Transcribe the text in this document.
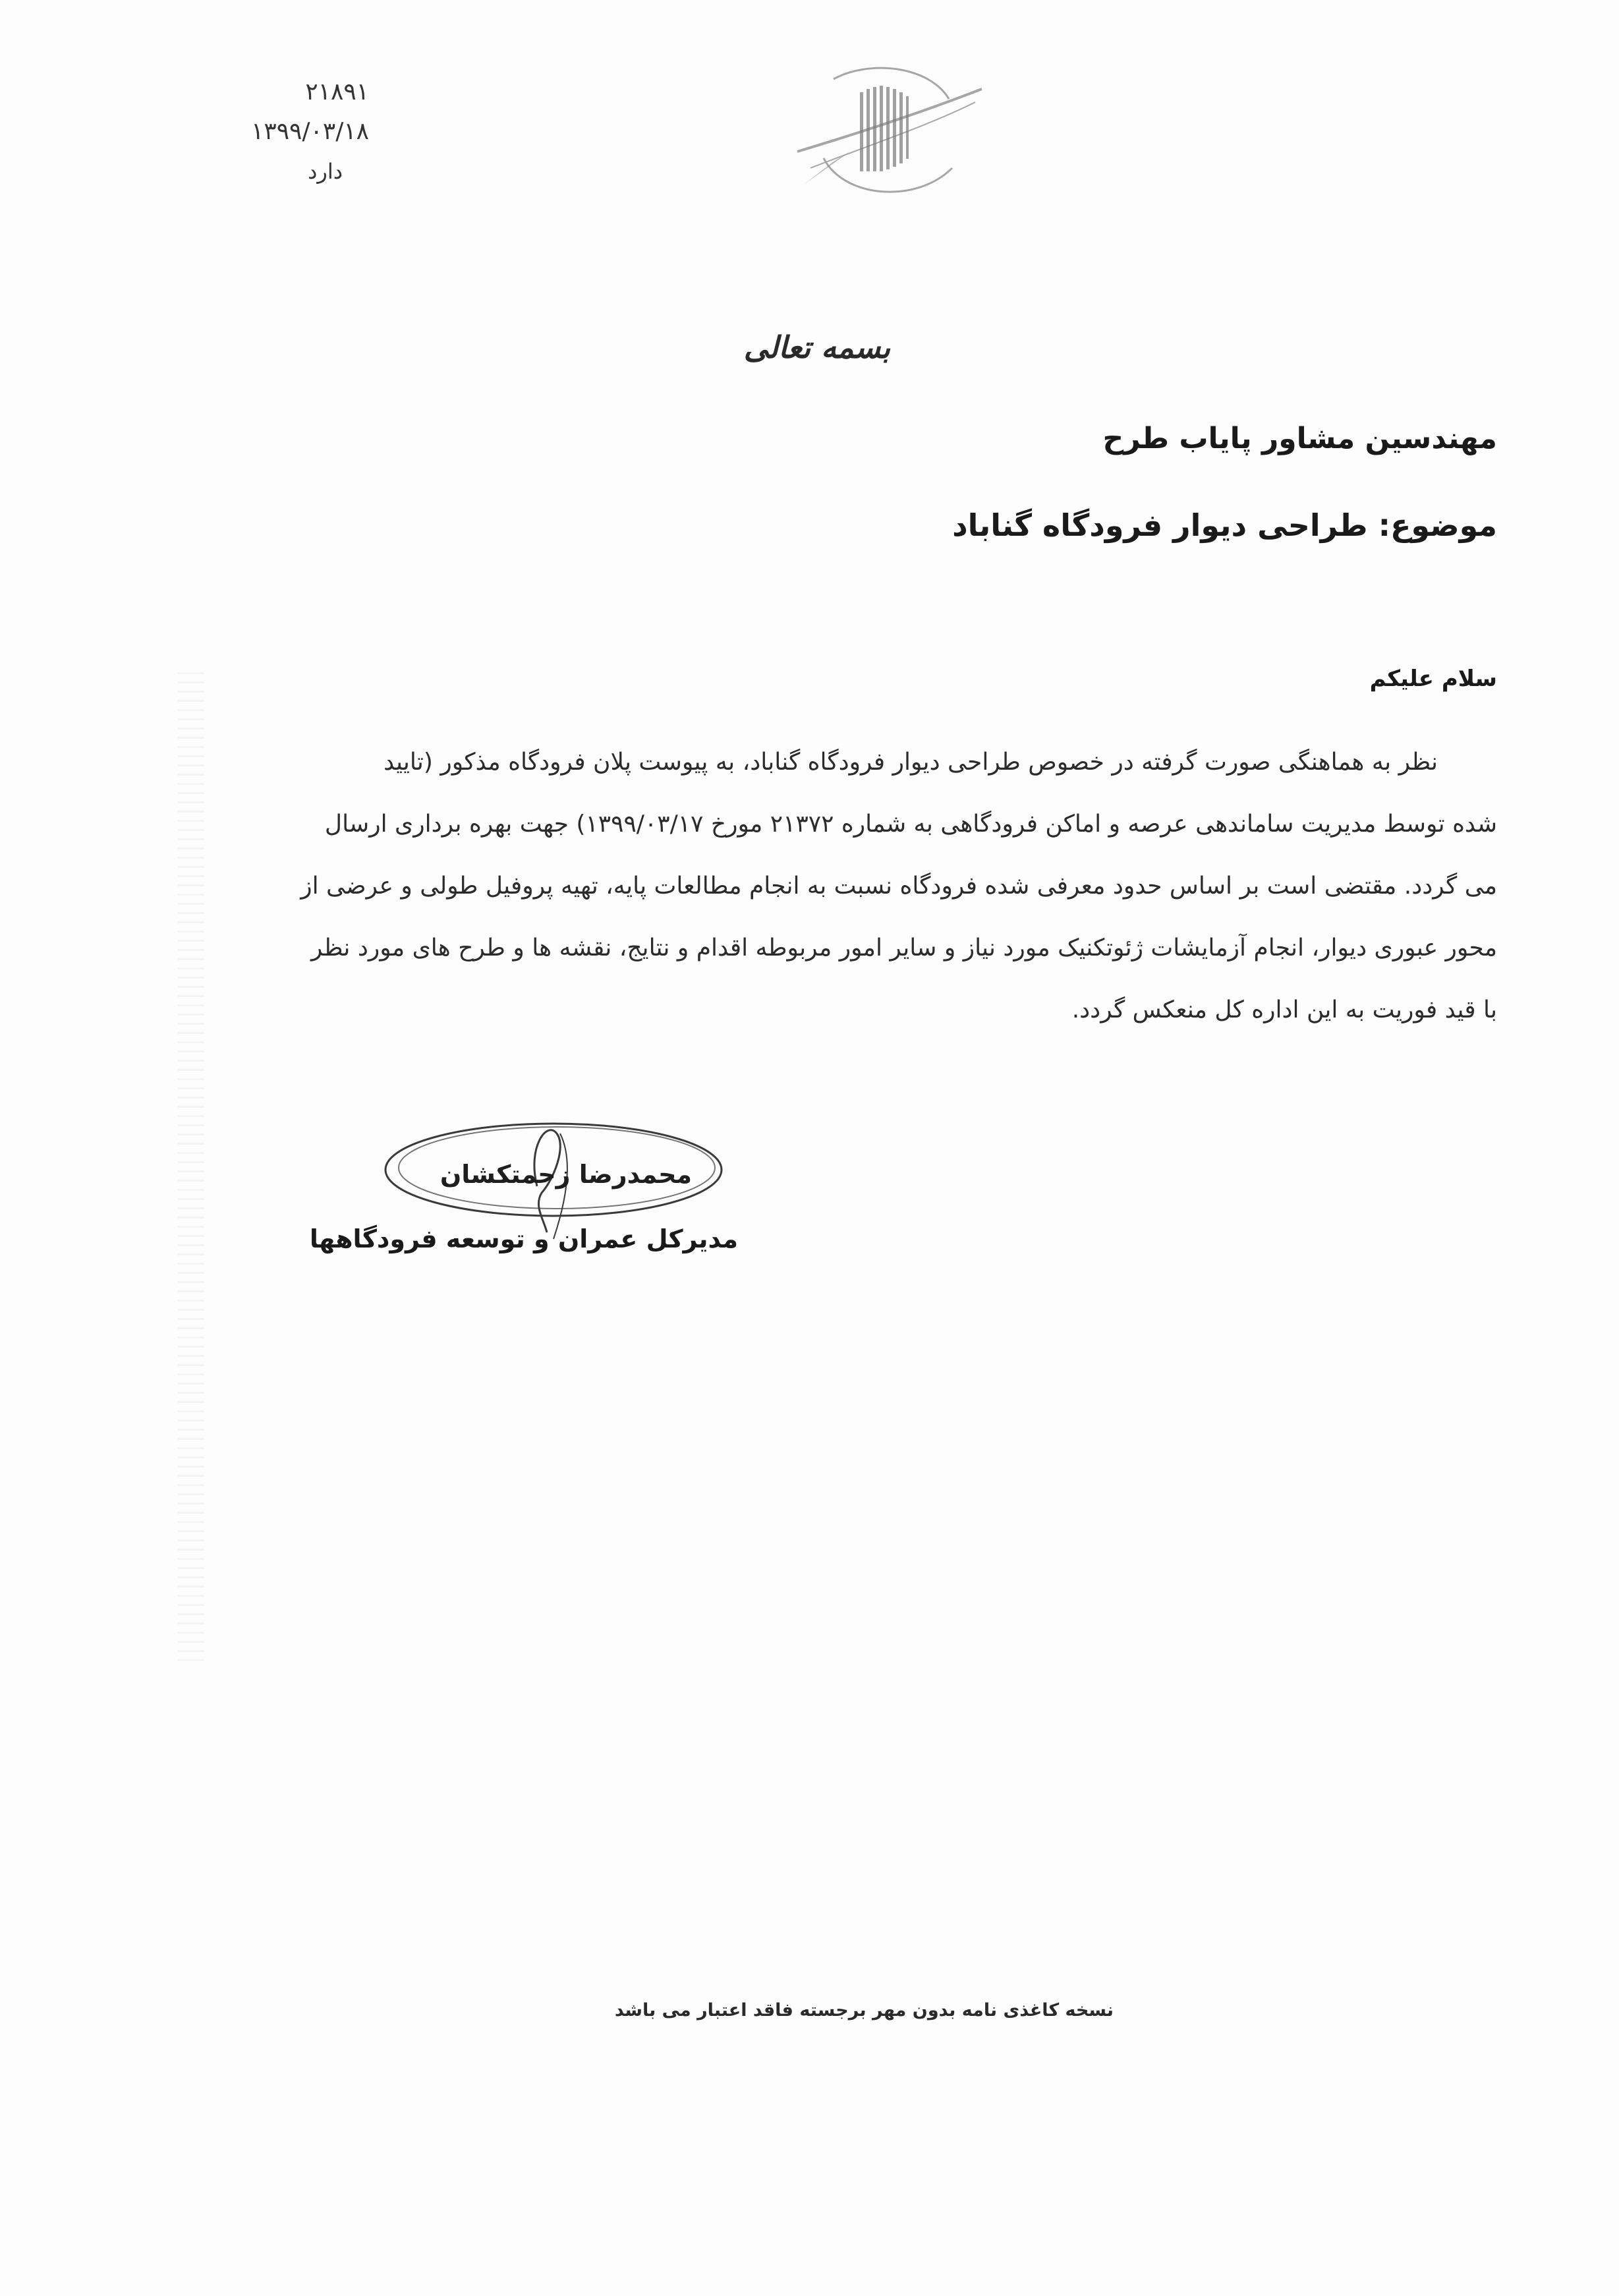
۲۱۸۹۱
۱۳۹۹/۰۳/۱۸
دارد
بسمه تعالی
مهندسین مشاور پایاب طرح
موضوع: طراحی دیوار فرودگاه گناباد
سلام علیکم
نظر به هماهنگی صورت گرفته در خصوص طراحی دیوار فرودگاه گناباد، به پیوست پلان فرودگاه مذکور (تایید
شده توسط مدیریت ساماندهی عرصه و اماکن فرودگاهی به شماره ۲۱۳۷۲ مورخ ۱۳۹۹/۰۳/۱۷) جهت بهره برداری ارسال
می گردد. مقتضی است بر اساس حدود معرفی شده فرودگاه نسبت به انجام مطالعات پایه، تهیه پروفیل طولی و عرضی از
محور عبوری دیوار، انجام آزمایشات ژئوتکنیک مورد نیاز و سایر امور مربوطه اقدام و نتایج، نقشه ها و طرح های مورد نظر
با قید فوریت به این اداره کل منعکس گردد.
محمدرضا زحمتکشان
مدیرکل عمران و توسعه فرودگاهها
نسخه کاغذی نامه بدون مهر برجسته فاقد اعتبار می باشد
